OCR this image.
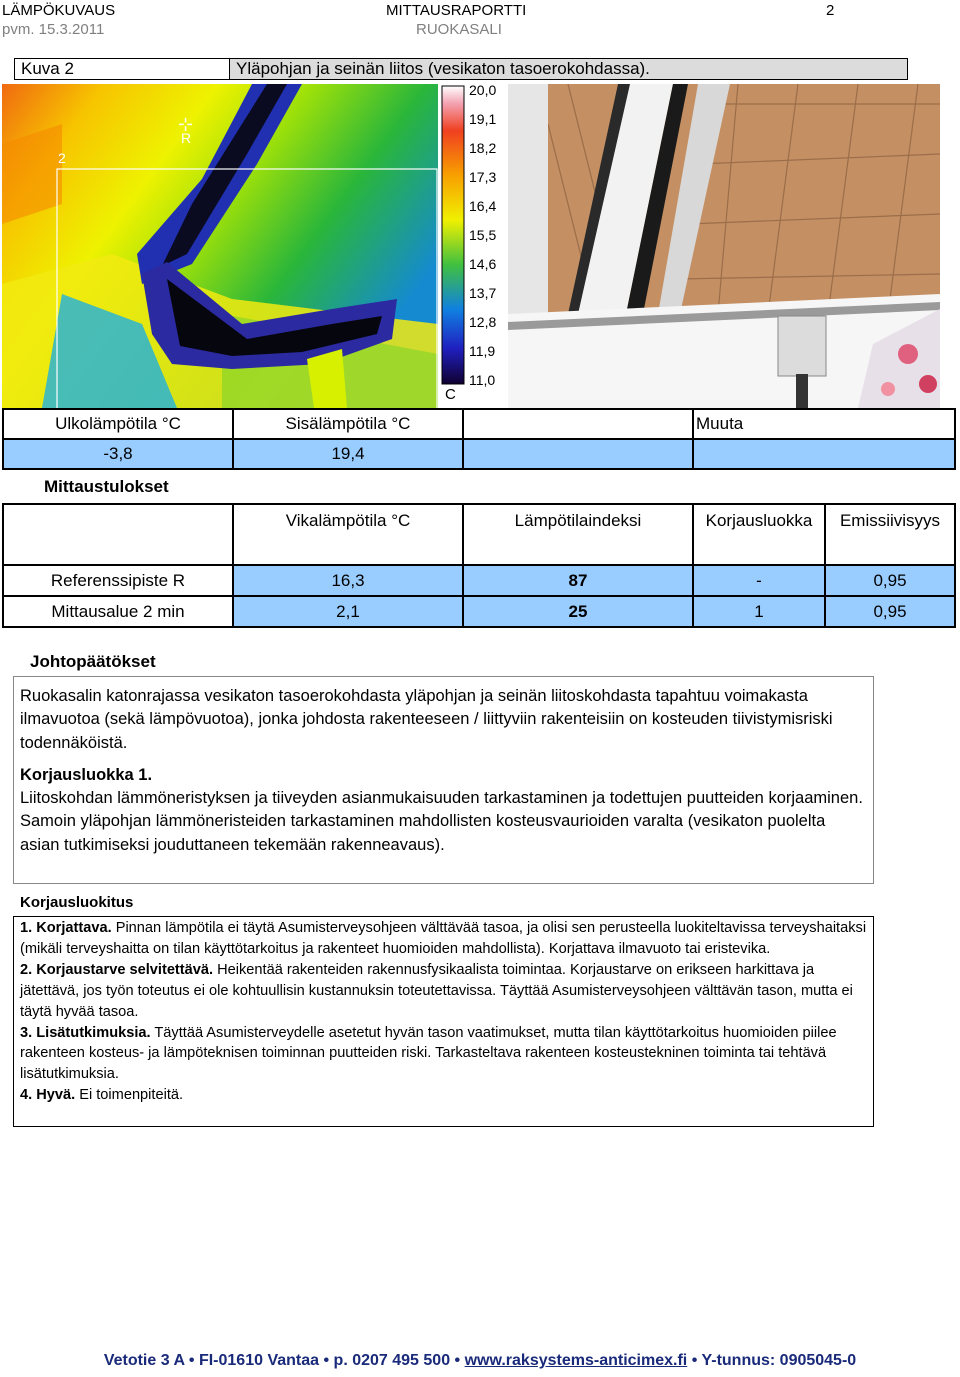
LÄMPÖKUVAUS
pvm. 15.3.2011
MITTAUSRAPORTTI
RUOKASALI
2
Kuva 2	Yläpohjan ja seinän liitos (vesikaton tasoerokohdassa).
⊹
R
2
20,0
19,1
18,2
17,3
16,4
15,5
14,6
13,7
12,8
11,9
11,0
C
Ulkolämpötila °C	Sisälämpötila °C		Muuta
-3,8	19,4		
Mittaustulokset
	Vikalämpötila °C	Lämpötilaindeksi	Korjausluokka	Emissiivisyys
Referenssipiste R	16,3	87	-	0,95
Mittausalue 2 min	2,1	25	1	0,95
Johtopäätökset
Ruokasalin katonrajassa vesikaton tasoerokohdasta yläpohjan ja seinän liitoskohdasta tapahtuu voimakasta ilmavuotoa (sekä lämpövuotoa), jonka johdosta rakenteeseen / liittyviin rakenteisiin on kosteuden tiivistymisriski todennäköistä.
Korjausluokka 1.
Liitoskohdan lämmöneristyksen ja tiiveyden asianmukaisuuden tarkastaminen ja todettujen puutteiden korjaaminen. Samoin yläpohjan lämmöneristeiden tarkastaminen mahdollisten kosteusvaurioiden varalta (vesikaton puolelta asian tutkimiseksi jouduttaneen tekemään rakenneavaus).
Korjausluokitus
1. Korjattava. Pinnan lämpötila ei täytä Asumisterveysohjeen välttävää tasoa, ja olisi sen perusteella luokiteltavissa terveyshaitaksi (mikäli terveyshaitta on tilan käyttötarkoitus ja rakenteet huomioiden mahdollista). Korjattava ilmavuoto tai eristevika.
2. Korjaustarve selvitettävä. Heikentää rakenteiden rakennusfysikaalista toimintaa. Korjaustarve on erikseen harkittava ja jätettävä, jos työn toteutus ei ole kohtuullisin kustannuksin toteutettavissa. Täyttää Asumisterveysohjeen välttävän tason, mutta ei täytä hyvää tasoa.
3. Lisätutkimuksia. Täyttää Asumisterveydelle asetetut hyvän tason vaatimukset, mutta tilan käyttötarkoitus huomioiden piilee rakenteen kosteus- ja lämpöteknisen toiminnan puutteiden riski. Tarkasteltava rakenteen kosteustekninen toiminta tai tehtävä lisätutkimuksia.
4. Hyvä. Ei toimenpiteitä.
Vetotie 3 A • FI-01610 Vantaa • p. 0207 495 500 • www.raksystems-anticimex.fi • Y-tunnus: 0905045-0
